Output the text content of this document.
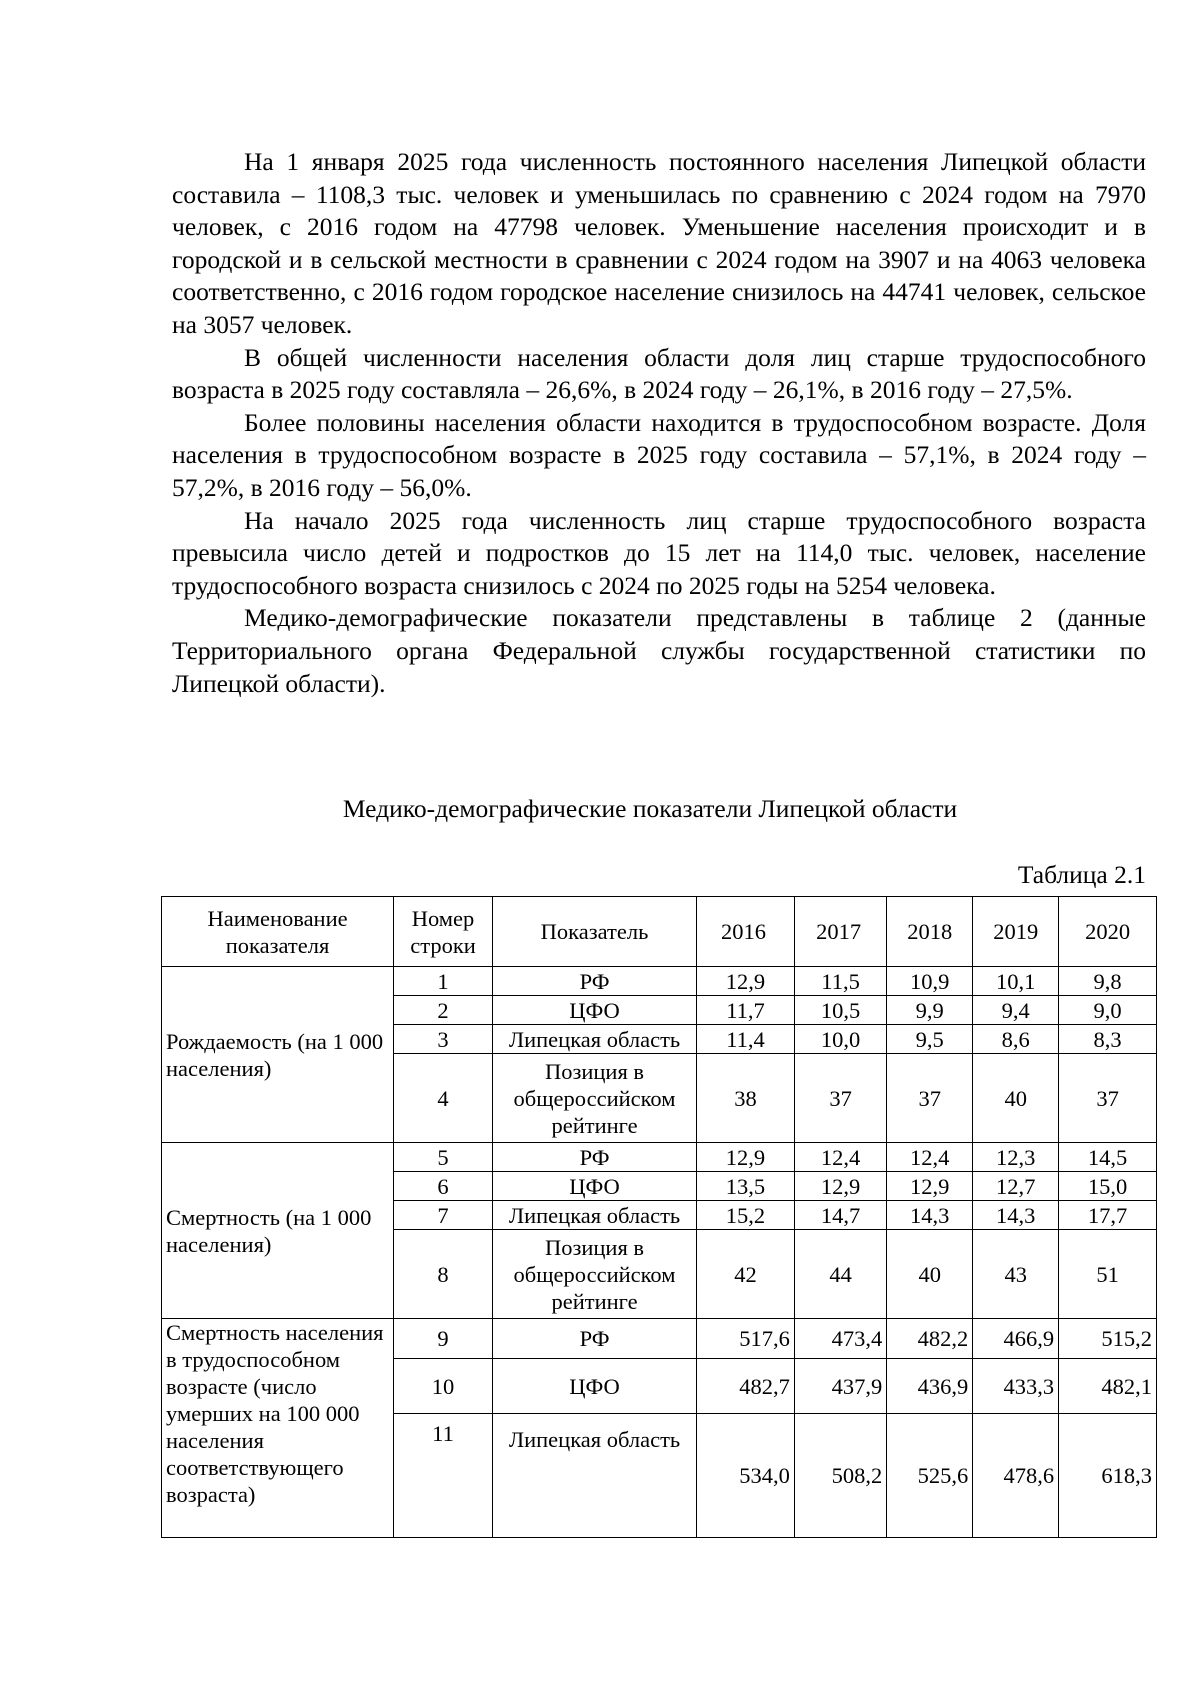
На 1 января 2025 года численность постоянного населения Липецкой области составила – 1108,3 тыс. человек и уменьшилась по сравнению с 2024 годом на 7970 человек, с 2016 годом на 47798 человек. Уменьшение населения происходит и в городской и в сельской местности в сравнении с 2024 годом на 3907 и на 4063 человека соответственно, с 2016 годом городское население снизилось на 44741 человек, сельское на 3057 человек.

В общей численности населения области доля лиц старше трудоспособного возраста в 2025 году составляла – 26,6%, в 2024 году – 26,1%, в 2016 году – 27,5%.

Более половины населения области находится в трудоспособном возрасте. Доля населения в трудоспособном возрасте в 2025 году составила – 57,1%, в 2024 году – 57,2%, в 2016 году – 56,0%.

На начало 2025 года численность лиц старше трудоспособного возраста превысила число детей и подростков до 15 лет на 114,0 тыс. человек, население трудоспособного возраста снизилось с 2024 по 2025 годы на 5254 человека.

Медико-демографические показатели представлены в таблице 2 (данные Территориального органа Федеральной службы государственной статистики по Липецкой области).

Медико-демографические показатели Липецкой области
Таблица 2.1
Наименование показателя	Номер строки	Показатель	2016	2017	2018	2019	2020
Рождаемость (на 1 000 населения)	1	РФ	12,9	11,5	10,9	10,1	9,8
	2	ЦФО	11,7	10,5	9,9	9,4	9,0
	3	Липецкая область	11,4	10,0	9,5	8,6	8,3
	4	Позиция в общероссийском рейтинге	38	37	37	40	37
Смертность (на 1 000 населения)	5	РФ	12,9	12,4	12,4	12,3	14,5
	6	ЦФО	13,5	12,9	12,9	12,7	15,0
	7	Липецкая область	15,2	14,7	14,3	14,3	17,7
	8	Позиция в общероссийском рейтинге	42	44	40	43	51
Смертность населения в трудоспособном возрасте (число умерших на 100 000 населения соответствующего возраста)	9	РФ	517,6	473,4	482,2	466,9	515,2
	10	ЦФО	482,7	437,9	436,9	433,3	482,1
	11	Липецкая область	534,0	508,2	525,6	478,6	618,3
